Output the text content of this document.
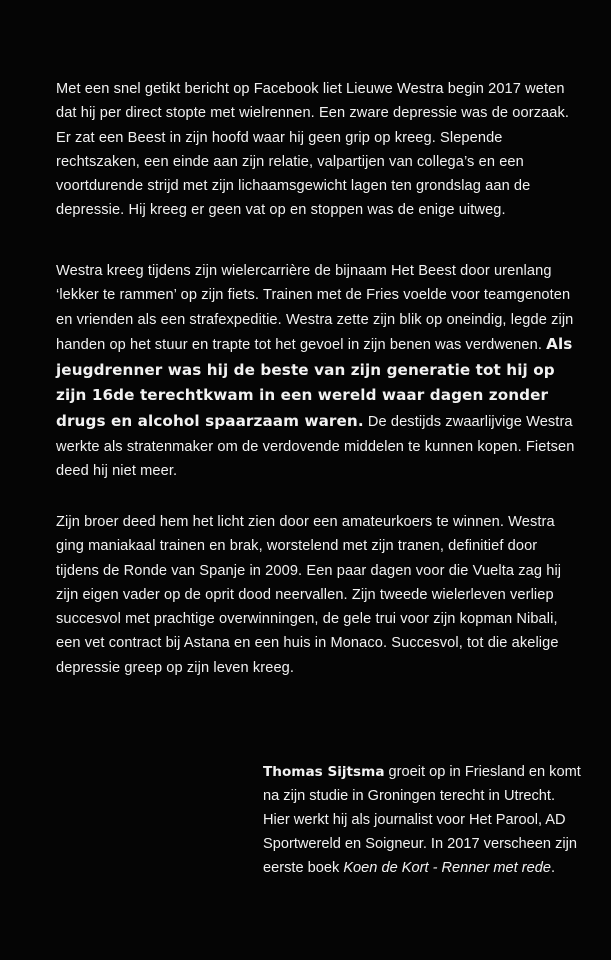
Met een snel getikt bericht op Facebook liet Lieuwe Westra begin 2017 weten dat hij per direct stopte met wielrennen. Een zware depressie was de oorzaak. Er zat een Beest in zijn hoofd waar hij geen grip op kreeg. Slepende rechtszaken, een einde aan zijn relatie, valpartijen van collega’s en een voortdurende strijd met zijn lichaamsgewicht lagen ten grondslag aan de depressie. Hij kreeg er geen vat op en stoppen was de enige uitweg.

Westra kreeg tijdens zijn wielercarrière de bijnaam Het Beest door urenlang ‘lekker te rammen’ op zijn fiets. Trainen met de Fries voelde voor teamgenoten en vrienden als een strafexpeditie. Westra zette zijn blik op oneindig, legde zijn handen op het stuur en trapte tot het gevoel in zijn benen was verdwenen. Als jeugdrenner was hij de beste van zijn generatie tot hij op zijn 16de terechtkwam in een wereld waar dagen zonder drugs en alcohol spaarzaam waren. De destijds zwaarlijvige Westra werkte als stratenmaker om de verdovende middelen te kunnen kopen. Fietsen deed hij niet meer.

Zijn broer deed hem het licht zien door een amateurkoers te winnen. Westra ging maniakaal trainen en brak, worstelend met zijn tranen, definitief door tijdens de Ronde van Spanje in 2009. Een paar dagen voor die Vuelta zag hij zijn eigen vader op de oprit dood neervallen. Zijn tweede wielerleven verliep succesvol met prachtige overwinningen, de gele trui voor zijn kopman Nibali, een vet contract bij Astana en een huis in Monaco. Succesvol, tot die akelige depressie greep op zijn leven kreeg.

Thomas Sijtsma groeit op in Friesland en komt na zijn studie in Groningen terecht in Utrecht. Hier werkt hij als journalist voor Het Parool, AD Sportwereld en Soigneur. In 2017 verscheen zijn eerste boek Koen de Kort - Renner met rede.
